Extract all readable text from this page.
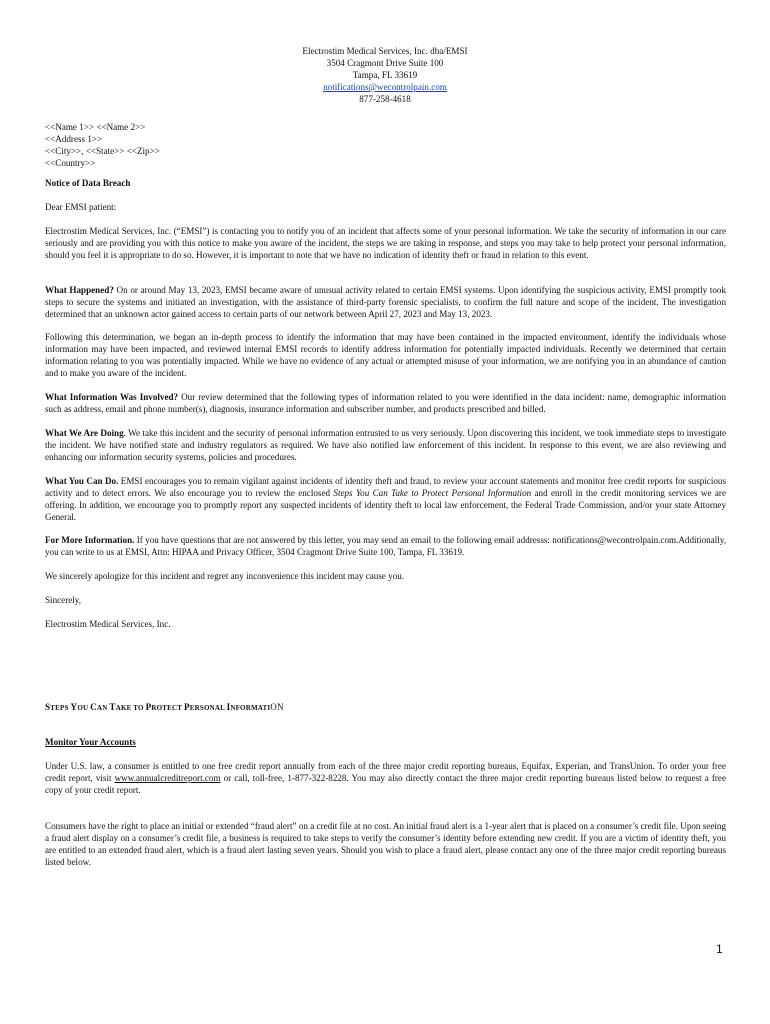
Electrostim Medical Services, Inc. dba/EMSI
3504 Cragmont Drive Suite 100
Tampa, FL 33619
notifications@wecontrolpain.com
877-258-4618
<<Name 1>> <<Name 2>>
<<Address 1>>
<<City>>, <<State>> <<Zip>>
<<Country>>

Notice of Data Breach

Dear EMSI patient:

Electrostim Medical Services, Inc. (“EMSI”) is contacting you to notify you of an incident that affects some of your personal information. We take the security of information in our care seriously and are providing you with this notice to make you aware of the incident, the steps we are taking in response, and steps you may take to help protect your personal information, should you feel it is appropriate to do so. However, it is important to note that we have no indication of identity theft or fraud in relation to this event.

What Happened? On or around May 13, 2023, EMSI became aware of unusual activity related to certain EMSI systems. Upon identifying the suspicious activity, EMSI promptly took steps to secure the systems and initiated an investigation, with the assistance of third-party forensic specialists, to confirm the full nature and scope of the incident. The investigation determined that an unknown actor gained access to certain parts of our network between April 27, 2023 and May 13, 2023.

Following this determination, we began an in-depth process to identify the information that may have been contained in the impacted environment, identify the individuals whose information may have been impacted, and reviewed internal EMSI records to identify address information for potentially impacted individuals. Recently we determined that certain information relating to you was potentially impacted. While we have no evidence of any actual or attempted misuse of your information, we are notifying you in an abundance of caution and to make you aware of the incident.

What Information Was Involved? Our review determined that the following types of information related to you were identified in the data incident: name, demographic information such as address, email and phone number(s), diagnosis, insurance information and subscriber number, and products prescribed and billed.

What We Are Doing. We take this incident and the security of personal information entrusted to us very seriously. Upon discovering this incident, we took immediate steps to investigate the incident. We have notified state and industry regulators as required. We have also notified law enforcement of this incident. In response to this event, we are also reviewing and enhancing our information security systems, policies and procedures.

What You Can Do. EMSI encourages you to remain vigilant against incidents of identity theft and fraud, to review your account statements and monitor free credit reports for suspicious activity and to detect errors. We also encourage you to review the enclosed Steps You Can Take to Protect Personal Information and enroll in the credit monitoring services we are offering. In addition, we encourage you to promptly report any suspected incidents of identity theft to local law enforcement, the Federal Trade Commission, and/or your state Attorney General.

For More Information. If you have questions that are not answered by this letter, you may send an email to the following email addresss: notifications@wecontrolpain.com.Additionally, you can write to us at EMSI, Attn: HIPAA and Privacy Officer, 3504 Cragmont Drive Suite 100, Tampa, FL 33619.

We sincerely apologize for this incident and regret any inconvenience this incident may cause you.

Sincerely,

Electrostim Medical Services, Inc.

STEPS YOU CAN TAKE TO PROTECT PERSONAL INFORMATION
Monitor Your Accounts

Under U.S. law, a consumer is entitled to one free credit report annually from each of the three major credit reporting bureaus, Equifax, Experian, and TransUnion. To order your free credit report, visit www.annualcreditreport.com or call, toll-free, 1-877-322-8228. You may also directly contact the three major credit reporting bureaus listed below to request a free copy of your credit report.

Consumers have the right to place an initial or extended “fraud alert” on a credit file at no cost. An initial fraud alert is a 1-year alert that is placed on a consumer’s credit file. Upon seeing a fraud alert display on a consumer’s credit file, a business is required to take steps to verify the consumer’s identity before extending new credit. If you are a victim of identity theft, you are entitled to an extended fraud alert, which is a fraud alert lasting seven years. Should you wish to place a fraud alert, please contact any one of the three major credit reporting bureaus listed below.

1
